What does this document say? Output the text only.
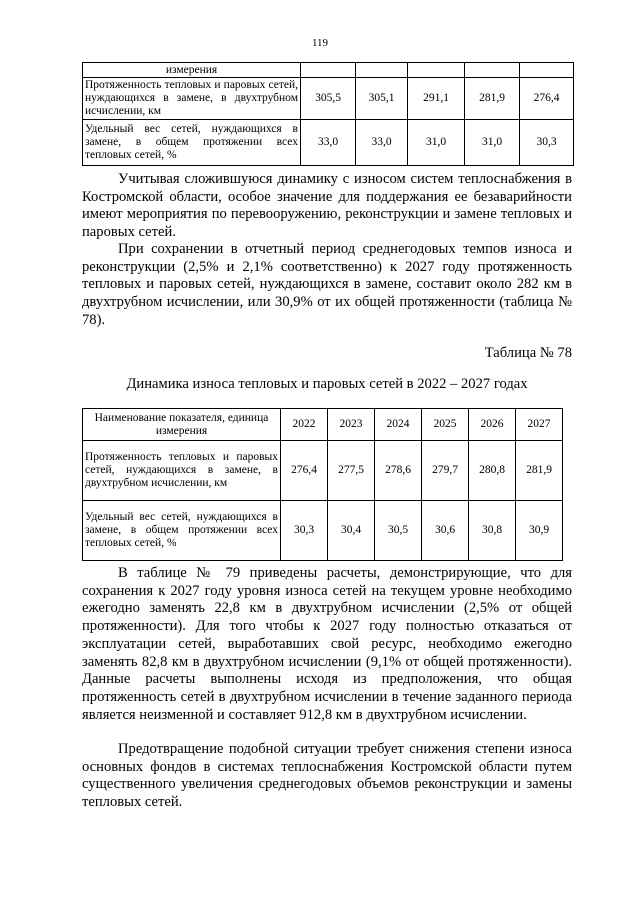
119
измерения					
Протяженность тепловых и паровых сетей, нуждающихся в замене, в двухтрубном исчислении, км	305,5	305,1	291,1	281,9	276,4
Удельный вес сетей, нуждающихся в замене, в общем протяжении всех тепловых сетей, %	33,0	33,0	31,0	31,0	30,3

Учитывая сложившуюся динамику с износом систем теплоснабжения в Костромской области, особое значение для поддержания ее безаварийности имеют мероприятия по перевооружению, реконструкции и замене тепловых и паровых сетей.

При сохранении в отчетный период среднегодовых темпов износа и реконструкции (2,5% и 2,1% соответственно) к 2027 году протяженность тепловых и паровых сетей, нуждающихся в замене, составит около 282 км в двухтрубном исчислении, или 30,9% от их общей протяженности (таблица № 78).

Таблица № 78

Динамика износа тепловых и паровых сетей в 2022 – 2027 годах

Наименование показателя, единица измерения	2022	2023	2024	2025	2026	2027
Протяженность тепловых и паровых сетей, нуждающихся в замене, в двухтрубном исчислении, км	276,4	277,5	278,6	279,7	280,8	281,9
Удельный вес сетей, нуждающихся в замене, в общем протяжении всех тепловых сетей, %	30,3	30,4	30,5	30,6	30,8	30,9

В таблице № 79 приведены расчеты, демонстрирующие, что для сохранения к 2027 году уровня износа сетей на текущем уровне необходимо ежегодно заменять 22,8 км в двухтрубном исчислении (2,5% от общей протяженности). Для того чтобы к 2027 году полностью отказаться от эксплуатации сетей, выработавших свой ресурс, необходимо ежегодно заменять 82,8 км в двухтрубном исчислении (9,1% от общей протяженности). Данные расчеты выполнены исходя из предположения, что общая протяженность сетей в двухтрубном исчислении в течение заданного периода является неизменной и составляет 912,8 км в двухтрубном исчислении.

Предотвращение подобной ситуации требует снижения степени износа основных фондов в системах теплоснабжения Костромской области путем существенного увеличения среднегодовых объемов реконструкции и замены тепловых сетей.
